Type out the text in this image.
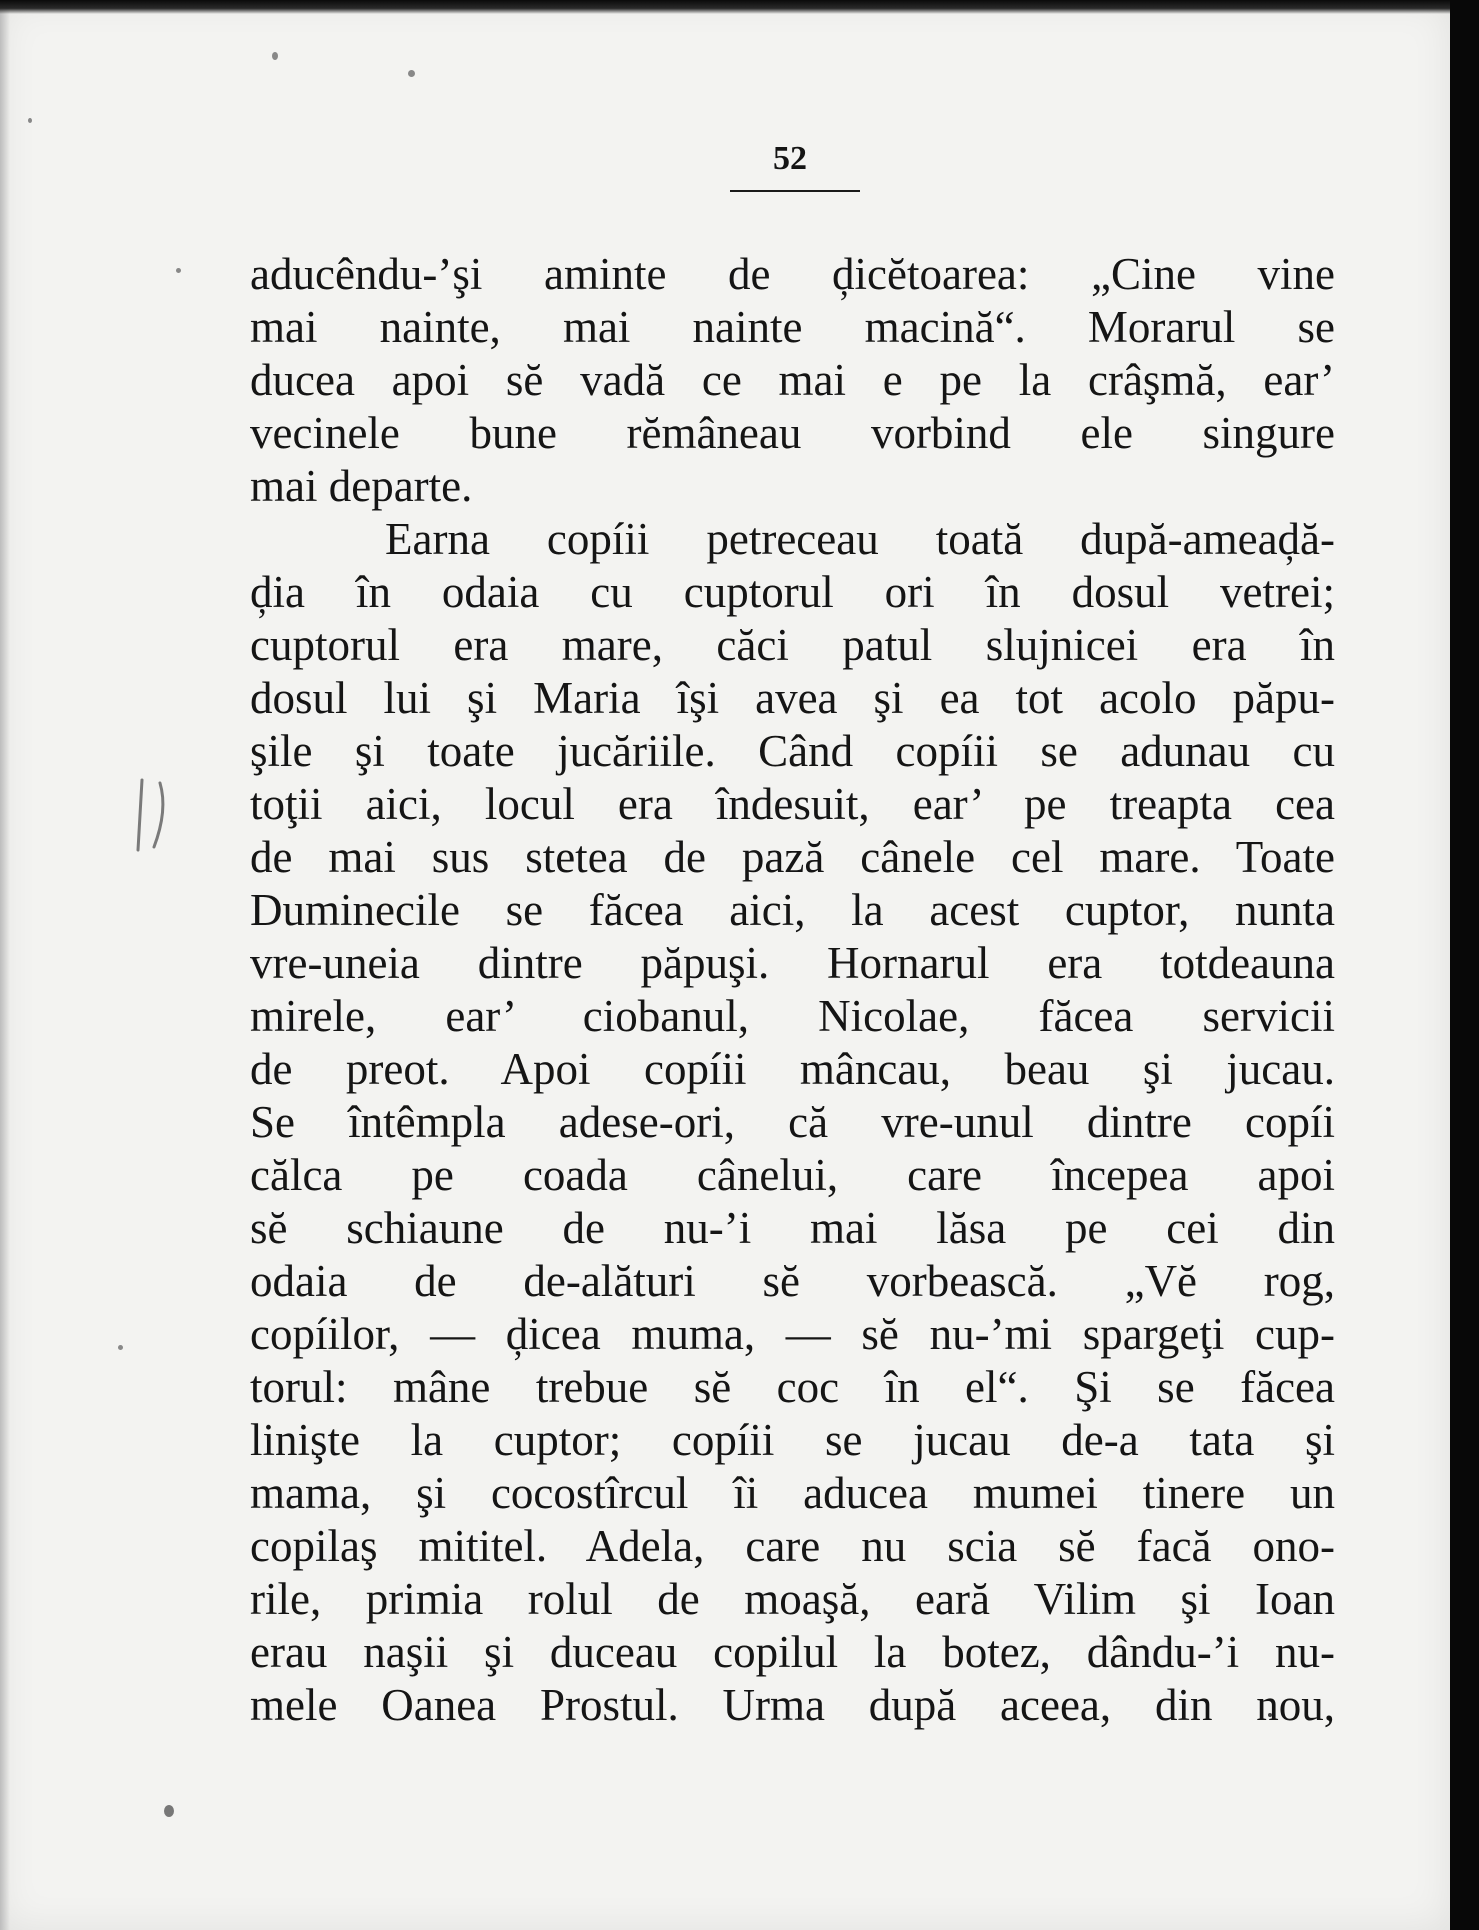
52
aducêndu-’şi aminte de ḑicĕtoarea: „Cine vine
mai nainte, mai nainte macină“. Morarul se
ducea apoi sĕ vadă ce mai e pe la crâşmă, ear’
vecinele bune rĕmâneau vorbind ele singure
mai departe.
Earna copíii petreceau toată după-ameaḑă-
ḑia în odaia cu cuptorul ori în dosul vetrei;
cuptorul era mare, căci patul slujnicei era în
dosul lui şi Maria îşi avea şi ea tot acolo păpu-
şile şi toate jucăriile. Când copíii se adunau cu
toţii aici, locul era îndesuit, ear’ pe treapta cea
de mai sus stetea de pază cânele cel mare. Toate
Duminecile se făcea aici, la acest cuptor, nunta
vre-uneia dintre păpuşi. Hornarul era totdeauna
mirele, ear’ ciobanul, Nicolae, făcea servicii
de preot. Apoi copíii mâncau, beau şi jucau.
Se întêmpla adese-ori, că vre-unul dintre copíi
călca pe coada cânelui, care începea apoi
sĕ schiaune de nu-’i mai lăsa pe cei din
odaia de de-alături sĕ vorbească. „Vĕ rog,
copíilor, — ḑicea muma, — sĕ nu-’mi spargeţi cup-
torul: mâne trebue sĕ coc în el“. Şi se făcea
linişte la cuptor; copíii se jucau de-a tata şi
mama, şi cocostîrcul îi aducea mumei tinere un
copilaş mititel. Adela, care nu scia sĕ facă ono-
rile, primia rolul de moaşă, eară Vilim şi Ioan
erau naşii şi duceau copilul la botez, dându-’i nu-
mele Oanea Prostul. Urma după aceea, din nou,
